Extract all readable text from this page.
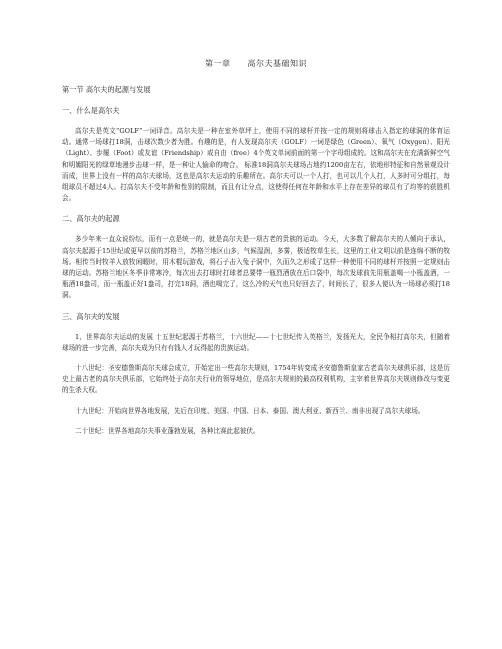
第一章　　高尔夫基础知识
第一节 高尔夫的起源与发展
一、什么是高尔夫

高尔夫是英文“GOLF”一词译音。高尔夫是一种在室外草坪上，使用不同的球杆并按一定的规则将球击入指定的球洞的体育运动。通常一场球打18洞，击球次数少者为胜。有趣的是，有人发现高尔夫（GOLF）一词是绿色（Green）、氧气（Oxygen）、阳光（Light）、步履（Foot）或友谊（Friendship）或自由（free）4个英文单词前面的第一个字母组成的。这和高尔夫在充满新鲜空气和明媚阳光的绿草地漫步击球一样，是一种让人愉命的吻合。 标准18洞高尔夫球场占地约1200亩左右，依地形特征和自然景观设计而成，世界上没有一样的高尔夫球场，这也是高尔夫运动的乐趣所在。高尔夫可以一个人打，也可以几个人打，人多时可分组打，每组球员不超过4人。打高尔夫不受年龄和性别的限制，而且有让分点，这使得任何在年龄和水平上存在差异的球员有了均等的获胜机会。

二、高尔夫的起源

多少年来一直众说纷纭，而有一点是统一的，就是高尔夫是一项古老的贵族的运动。今天，大多数了解高尔夫的人倾向于承认，高尔夫起源于15世纪或更早以前的苏格兰，苏格兰地区山多，气候湿润，多雾，极适牧草生长，这里的工业文明以前是连绵不断的牧场。相传当时牧羊人放牧闲暇时，用木棍玩游戏，将石子击入兔子洞中，久而久之形成了这样一种使用不同的球杆并按照一定规则击球的运动。苏格兰地区冬季非常寒冷，每次出去打球时打球者总要带一瓶烈酒放在后口袋中，每次发球前先用瓶盖喝一小瓶盖酒，一瓶酒18盎司，而一瓶盖正好1盎司，打完18洞，酒也喝完了，这么冷的天气也只好回去了，时间长了，很多人便认为一场球必须打18洞。

三、高尔夫的发展

1、世界高尔夫运动的发展 十五世纪起源于苏格兰，十六世纪——十七世纪传入英格兰，发扬光大，全民争相打高尔夫，但随着球场的进一步完善，高尔夫成为只有有钱人才玩得起的贵族运动。

十八世纪：圣安德鲁斯高尔夫球会成立，开始定出一些高尔夫规则，1754年转变成圣安德鲁斯皇家古老高尔夫球俱乐部，这是历史上最古老的高尔夫俱乐部，它始终处于高尔夫行业的领导地位，是高尔夫规则的最高权利机构，主宰着世界高尔夫规则修改与变更的生杀大权。

十九世纪：开始向世界各地发展，先后在印度、美国、中国、日本、泰国、澳大利亚、新西兰、南非出现了高尔夫球场。

二十世纪：世界各地高尔夫事业蓬勃发展，各种比赛此起彼伏。
